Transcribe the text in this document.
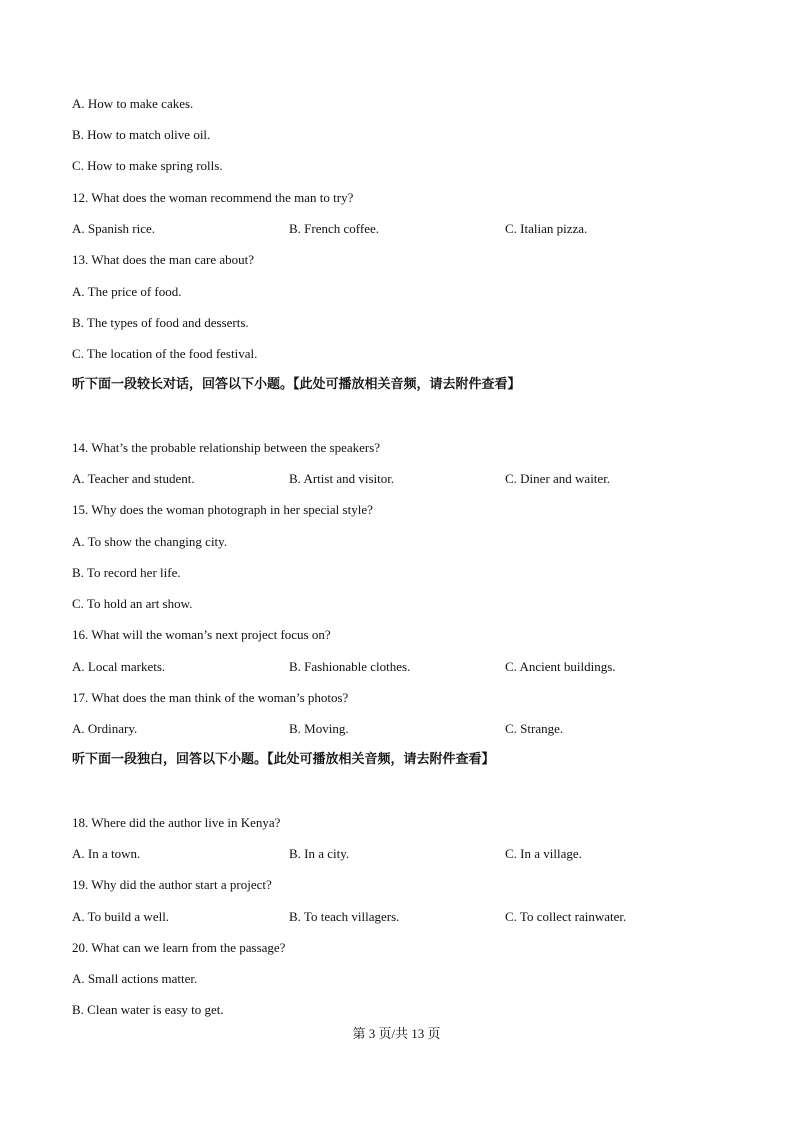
A. How to make cakes.
B. How to match olive oil.
C. How to make spring rolls.
12. What does the woman recommend the man to try?
A. Spanish rice.	B. French coffee.	C. Italian pizza.
13. What does the man care about?
A. The price of food.
B. The types of food and desserts.
C. The location of the food festival.
听下面一段较长对话，回答以下小题。【此处可播放相关音频，请去附件查看】
14. What’s the probable relationship between the speakers?
A. Teacher and student.	B. Artist and visitor.	C. Diner and waiter.
15. Why does the woman photograph in her special style?
A. To show the changing city.
B. To record her life.
C. To hold an art show.
16. What will the woman’s next project focus on?
A. Local markets.	B. Fashionable clothes.	C. Ancient buildings.
17. What does the man think of the woman’s photos?
A. Ordinary.	B. Moving.	C. Strange.
听下面一段独白，回答以下小题。【此处可播放相关音频，请去附件查看】
18. Where did the author live in Kenya?
A. In a town.	B. In a city.	C. In a village.
19. Why did the author start a project?
A. To build a well.	B. To teach villagers.	C. To collect rainwater.
20. What can we learn from the passage?
A. Small actions matter.
B. Clean water is easy to get.
第 3 页/共 13 页
